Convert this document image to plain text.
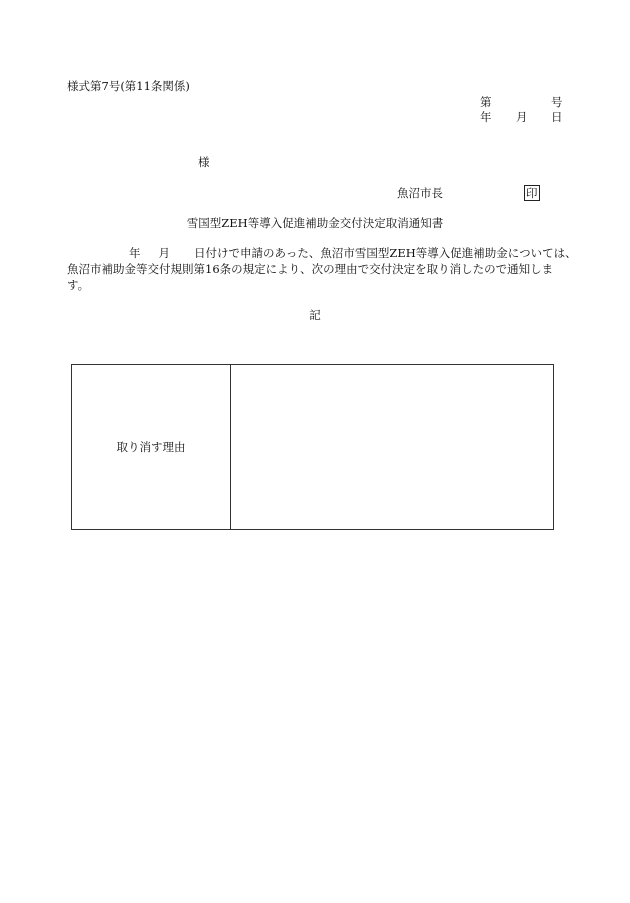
様式第7号(第11条関係)
第	号
年 月 日
様
魚沼市長	印
雪国型ZEH等導入促進補助金交付決定取消通知書
年 月 日付けで申請のあった、魚沼市雪国型ZEH等導入促進補助金については、
魚沼市補助金等交付規則第16条の規定により、次の理由で交付決定を取り消したので通知しま
す。
記
取り消す理由
